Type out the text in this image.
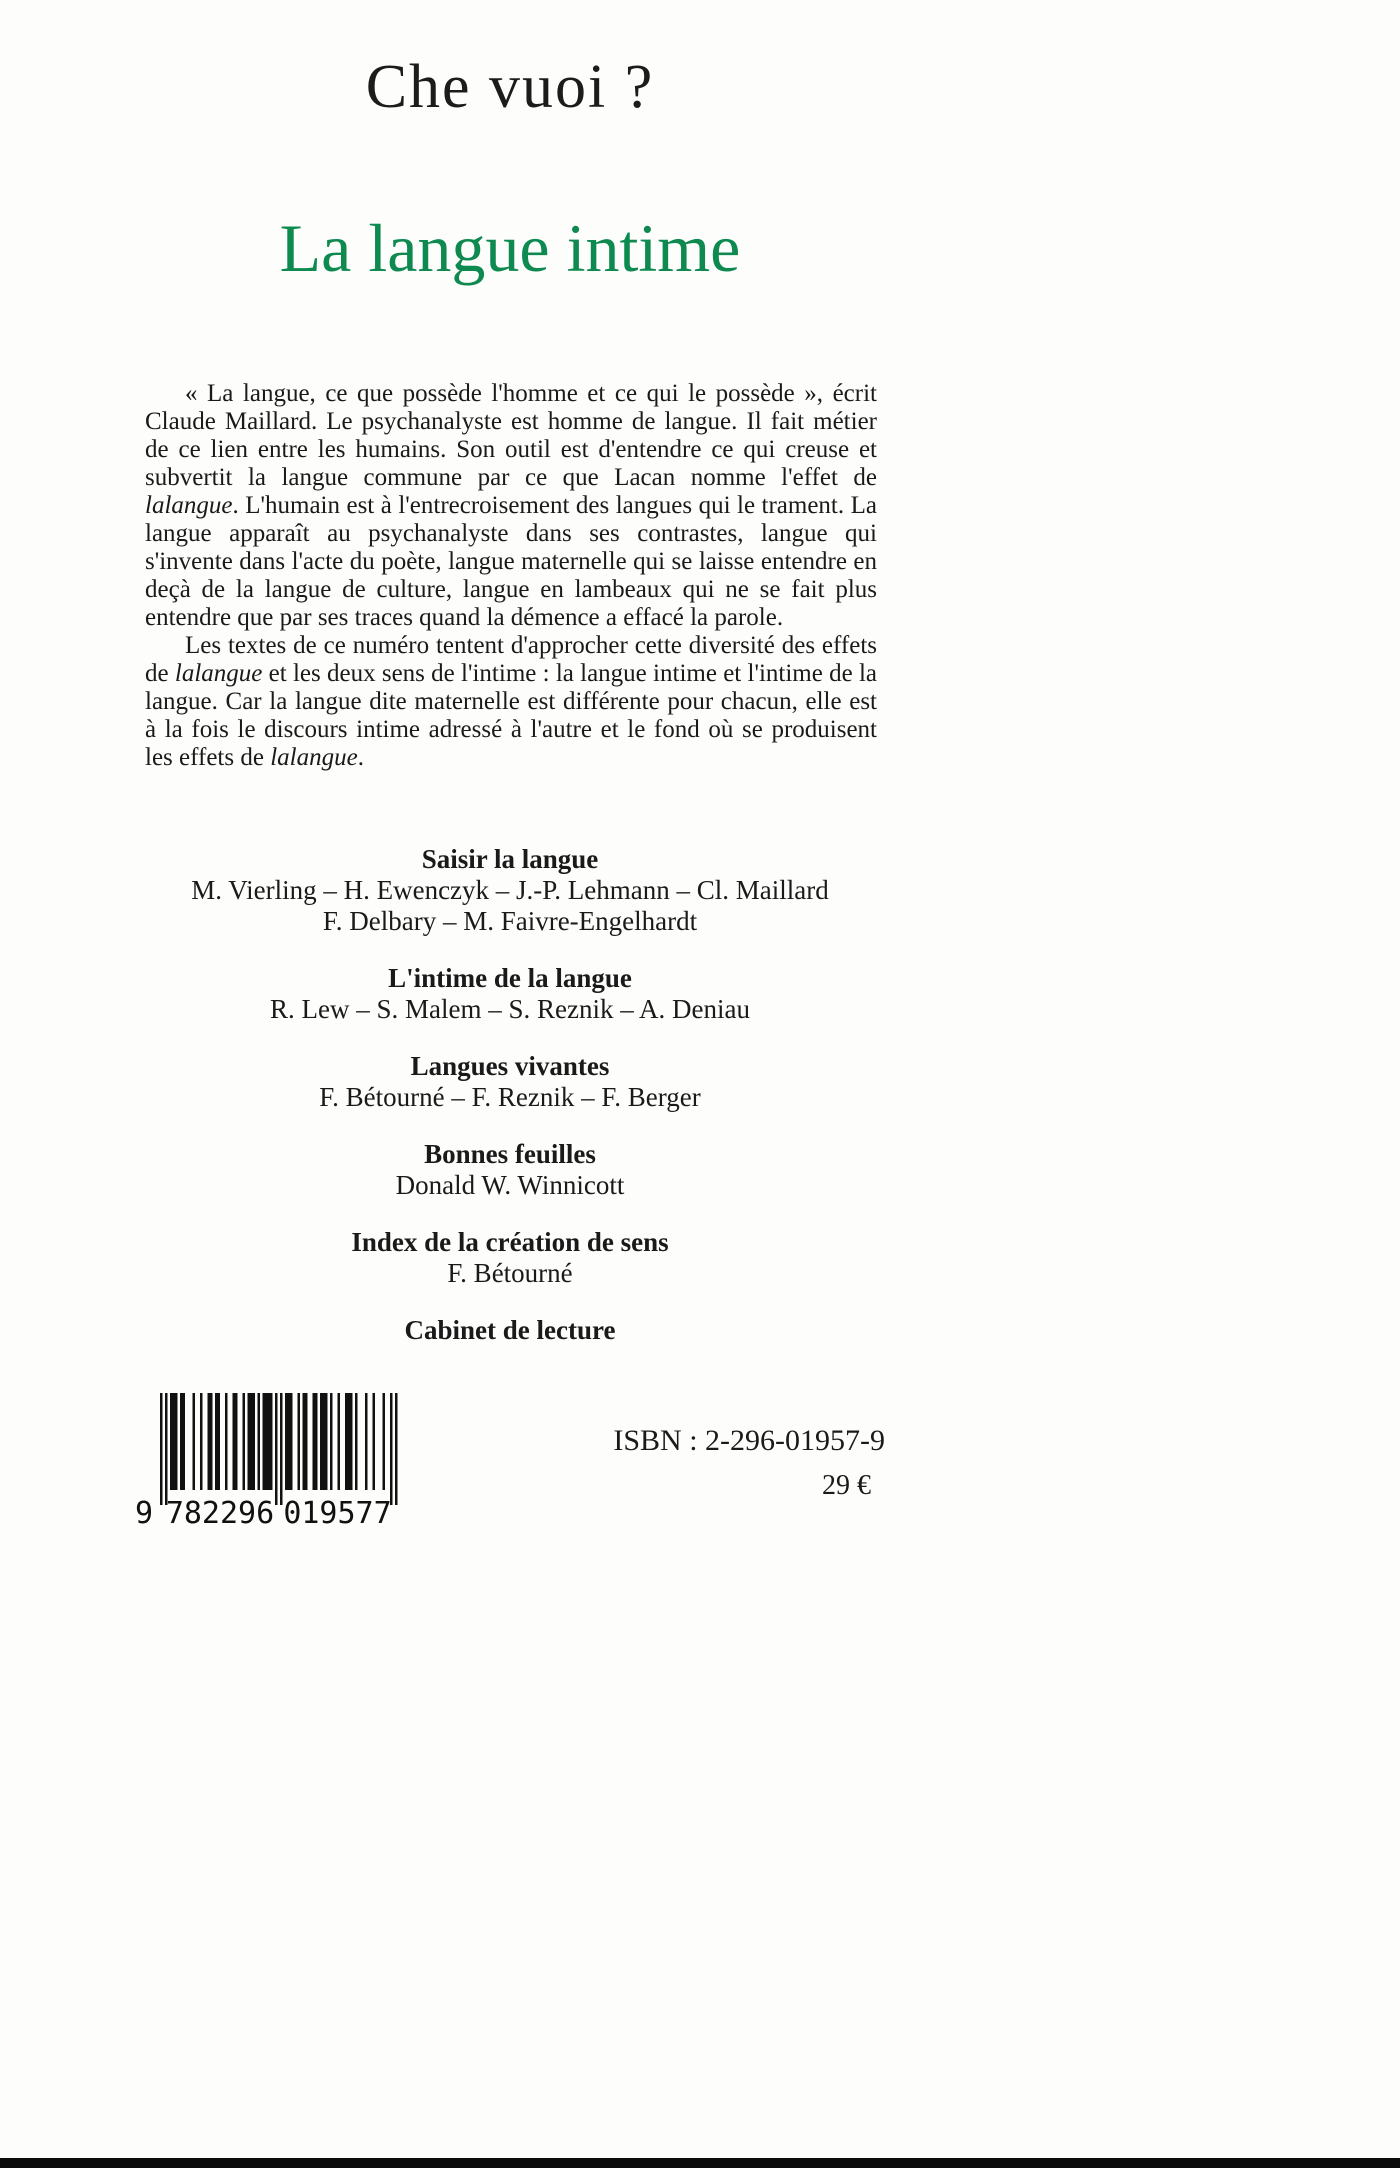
Che vuoi ?
La langue intime

« La langue, ce que possède l'homme et ce qui le possède », écrit Claude Maillard. Le psychanalyste est homme de langue. Il fait métier de ce lien entre les humains. Son outil est d'entendre ce qui creuse et subvertit la langue commune par ce que Lacan nomme l'effet de lalangue. L'humain est à l'entrecroisement des langues qui le trament. La langue apparaît au psychanalyste dans ses contrastes, langue qui s'invente dans l'acte du poète, langue maternelle qui se laisse entendre en deçà de la langue de culture, langue en lambeaux qui ne se fait plus entendre que par ses traces quand la démence a effacé la parole.

Les textes de ce numéro tentent d'approcher cette diversité des effets de lalangue et les deux sens de l'intime : la langue intime et l'intime de la langue. Car la langue dite maternelle est différente pour chacun, elle est à la fois le discours intime adressé à l'autre et le fond où se produisent les effets de lalangue.

Saisir la langue
M. Vierling – H. Ewenczyk – J.-P. Lehmann – Cl. Maillard
F. Delbary – M. Faivre-Engelhardt
L'intime de la langue
R. Lew – S. Malem – S. Reznik – A. Deniau
Langues vivantes
F. Bétourné – F. Reznik – F. Berger
Bonnes feuilles
Donald W. Winnicott
Index de la création de sens
F. Bétourné
Cabinet de lecture
9 782296 019577
ISBN : 2-296-01957-9
29 €
